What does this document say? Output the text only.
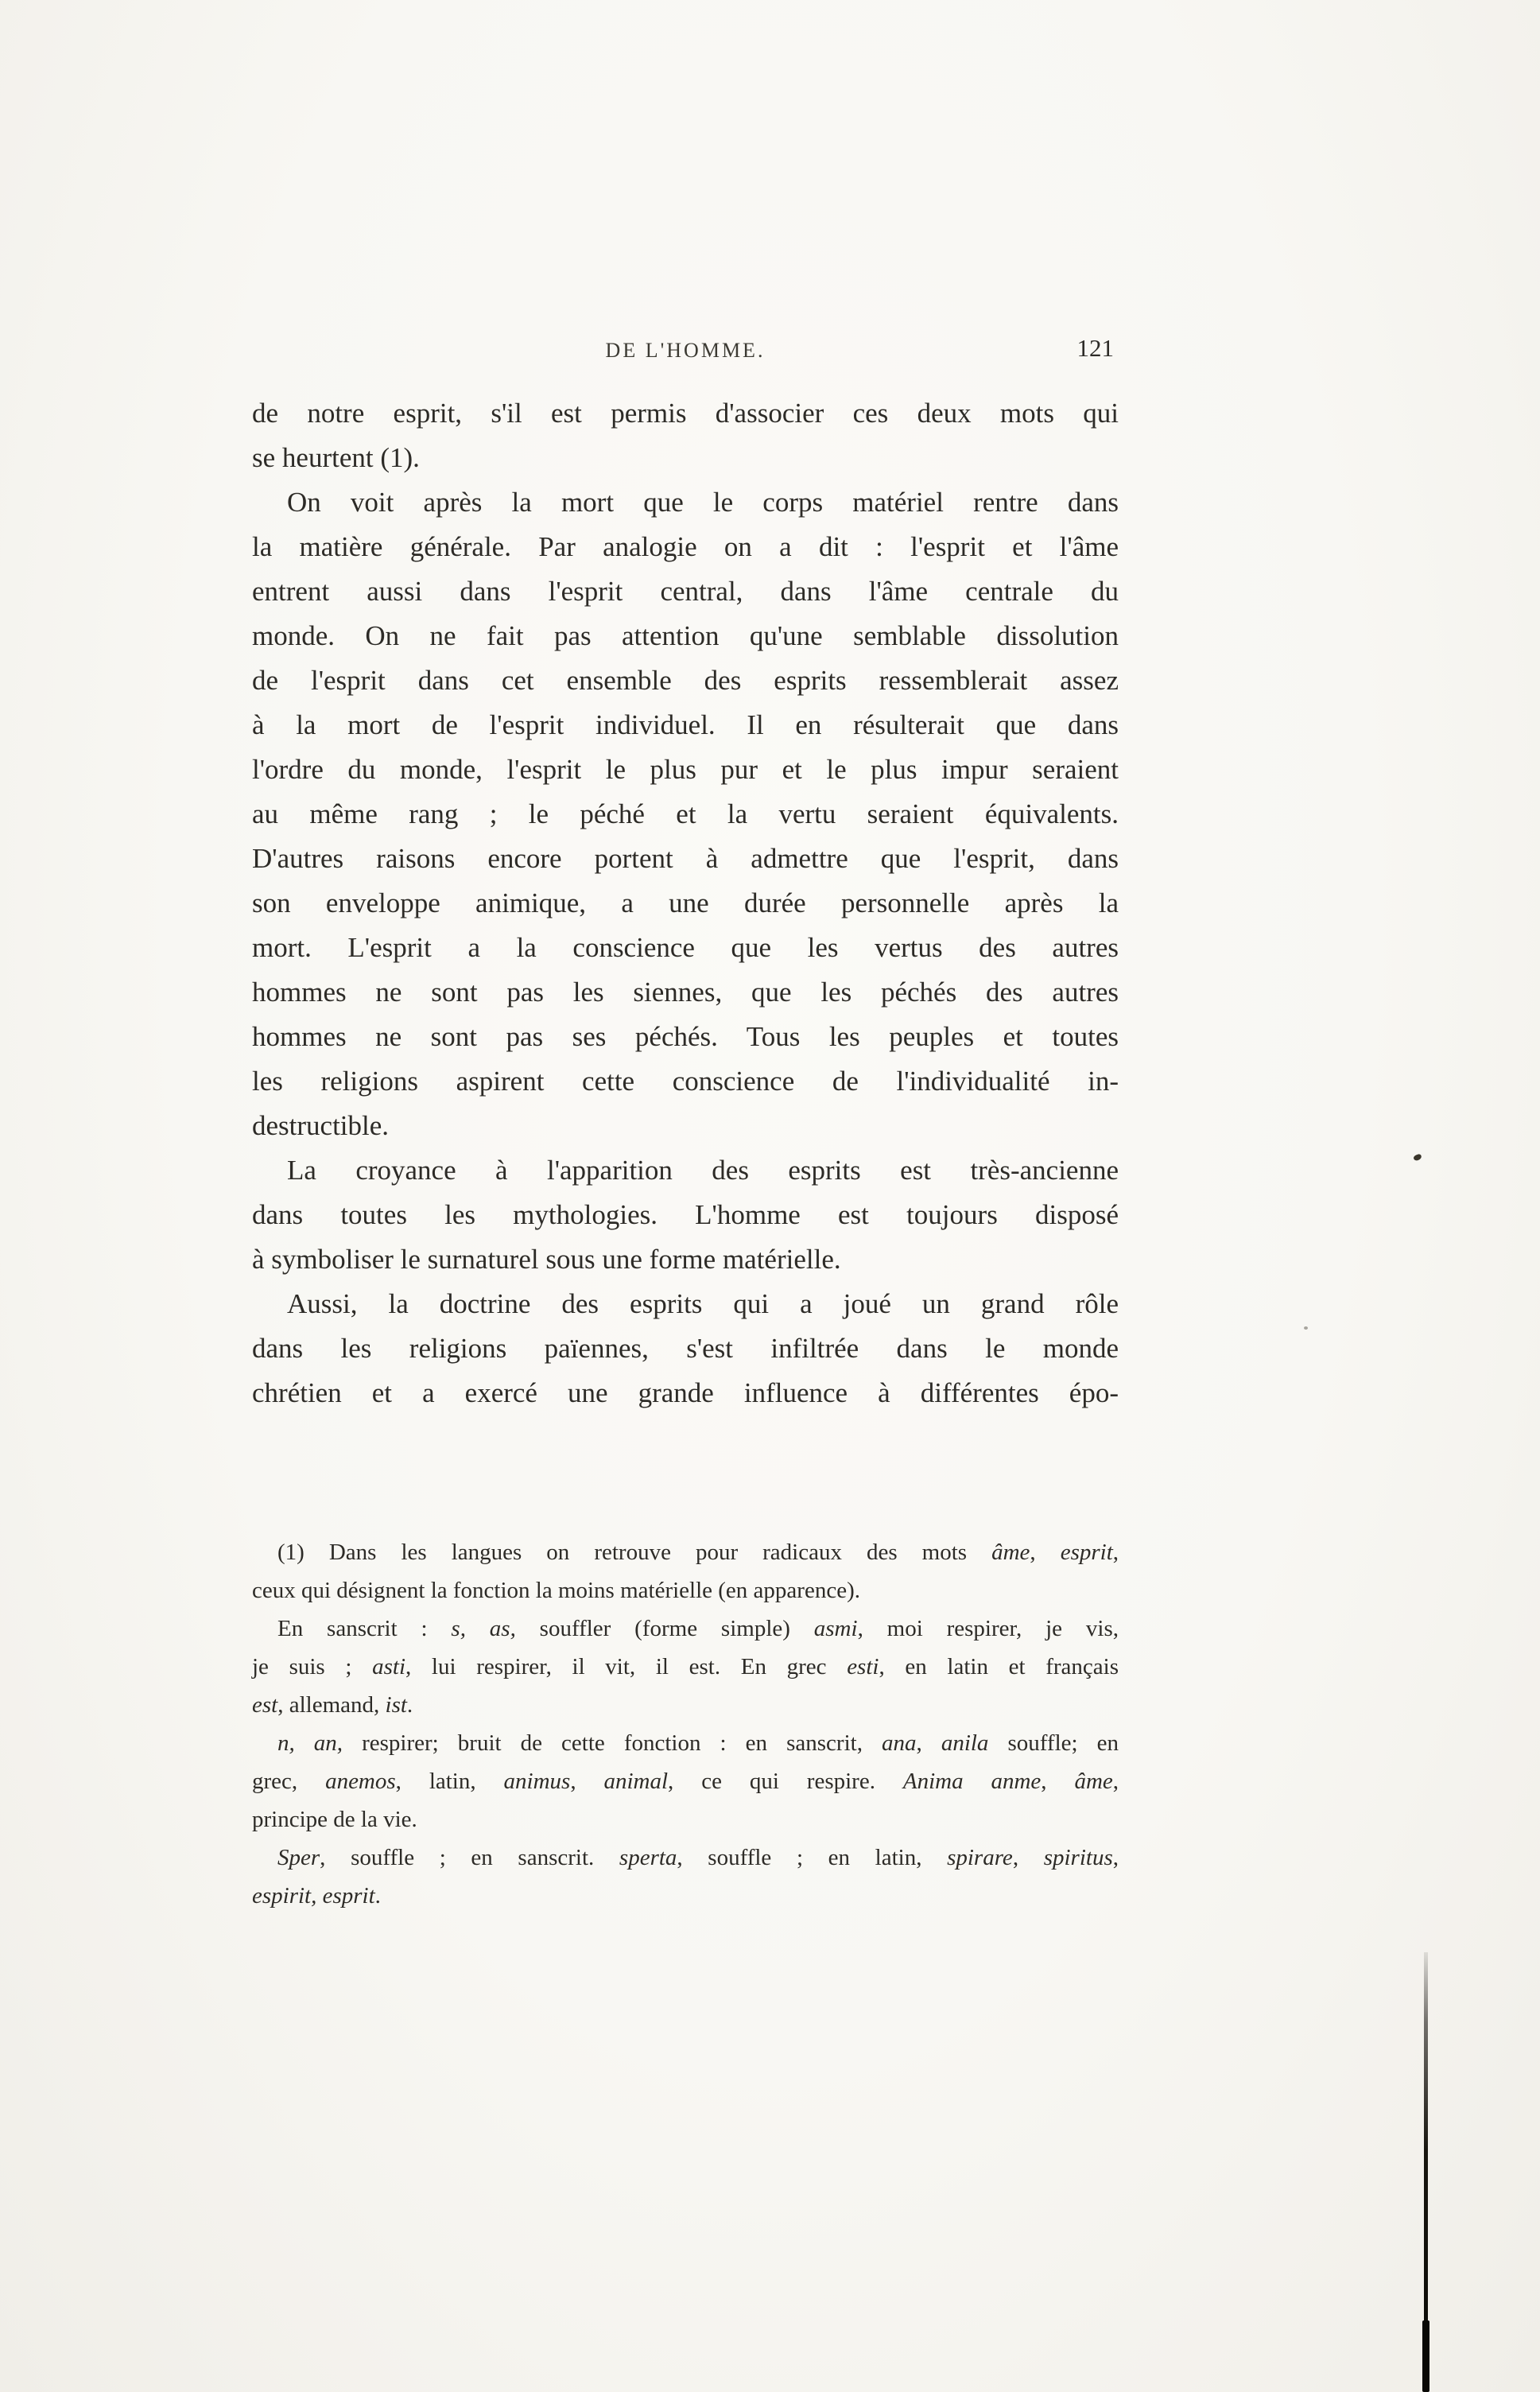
DE L'HOMME.	121
de notre esprit, s'il est permis d'associer ces deux mots qui
se heurtent (1).
On voit après la mort que le corps matériel rentre dans
la matière générale. Par analogie on a dit : l'esprit et l'âme
entrent aussi dans l'esprit central, dans l'âme centrale du
monde. On ne fait pas attention qu'une semblable dissolution
de l'esprit dans cet ensemble des esprits ressemblerait assez
à la mort de l'esprit individuel. Il en résulterait que dans
l'ordre du monde, l'esprit le plus pur et le plus impur seraient
au même rang ; le péché et la vertu seraient équivalents.
D'autres raisons encore portent à admettre que l'esprit, dans
son enveloppe animique, a une durée personnelle après la
mort. L'esprit a la conscience que les vertus des autres
hommes ne sont pas les siennes, que les péchés des autres
hommes ne sont pas ses péchés. Tous les peuples et toutes
les religions aspirent cette conscience de l'individualité in-
destructible.
La croyance à l'apparition des esprits est très-ancienne
dans toutes les mythologies. L'homme est toujours disposé
à symboliser le surnaturel sous une forme matérielle.
Aussi, la doctrine des esprits qui a joué un grand rôle
dans les religions païennes, s'est infiltrée dans le monde
chrétien et a exercé une grande influence à différentes épo-
(1) Dans les langues on retrouve pour radicaux des mots âme, esprit,
ceux qui désignent la fonction la moins matérielle (en apparence).
En sanscrit : s, as, souffler (forme simple) asmi, moi respirer, je vis,
je suis ; asti, lui respirer, il vit, il est. En grec esti, en latin et français
est, allemand, ist.
n, an, respirer; bruit de cette fonction : en sanscrit, ana, anila souffle; en
grec, anemos, latin, animus, animal, ce qui respire. Anima anme, âme,
principe de la vie.
Sper, souffle ; en sanscrit. sperta, souffle ; en latin, spirare, spiritus,
espirit, esprit.
